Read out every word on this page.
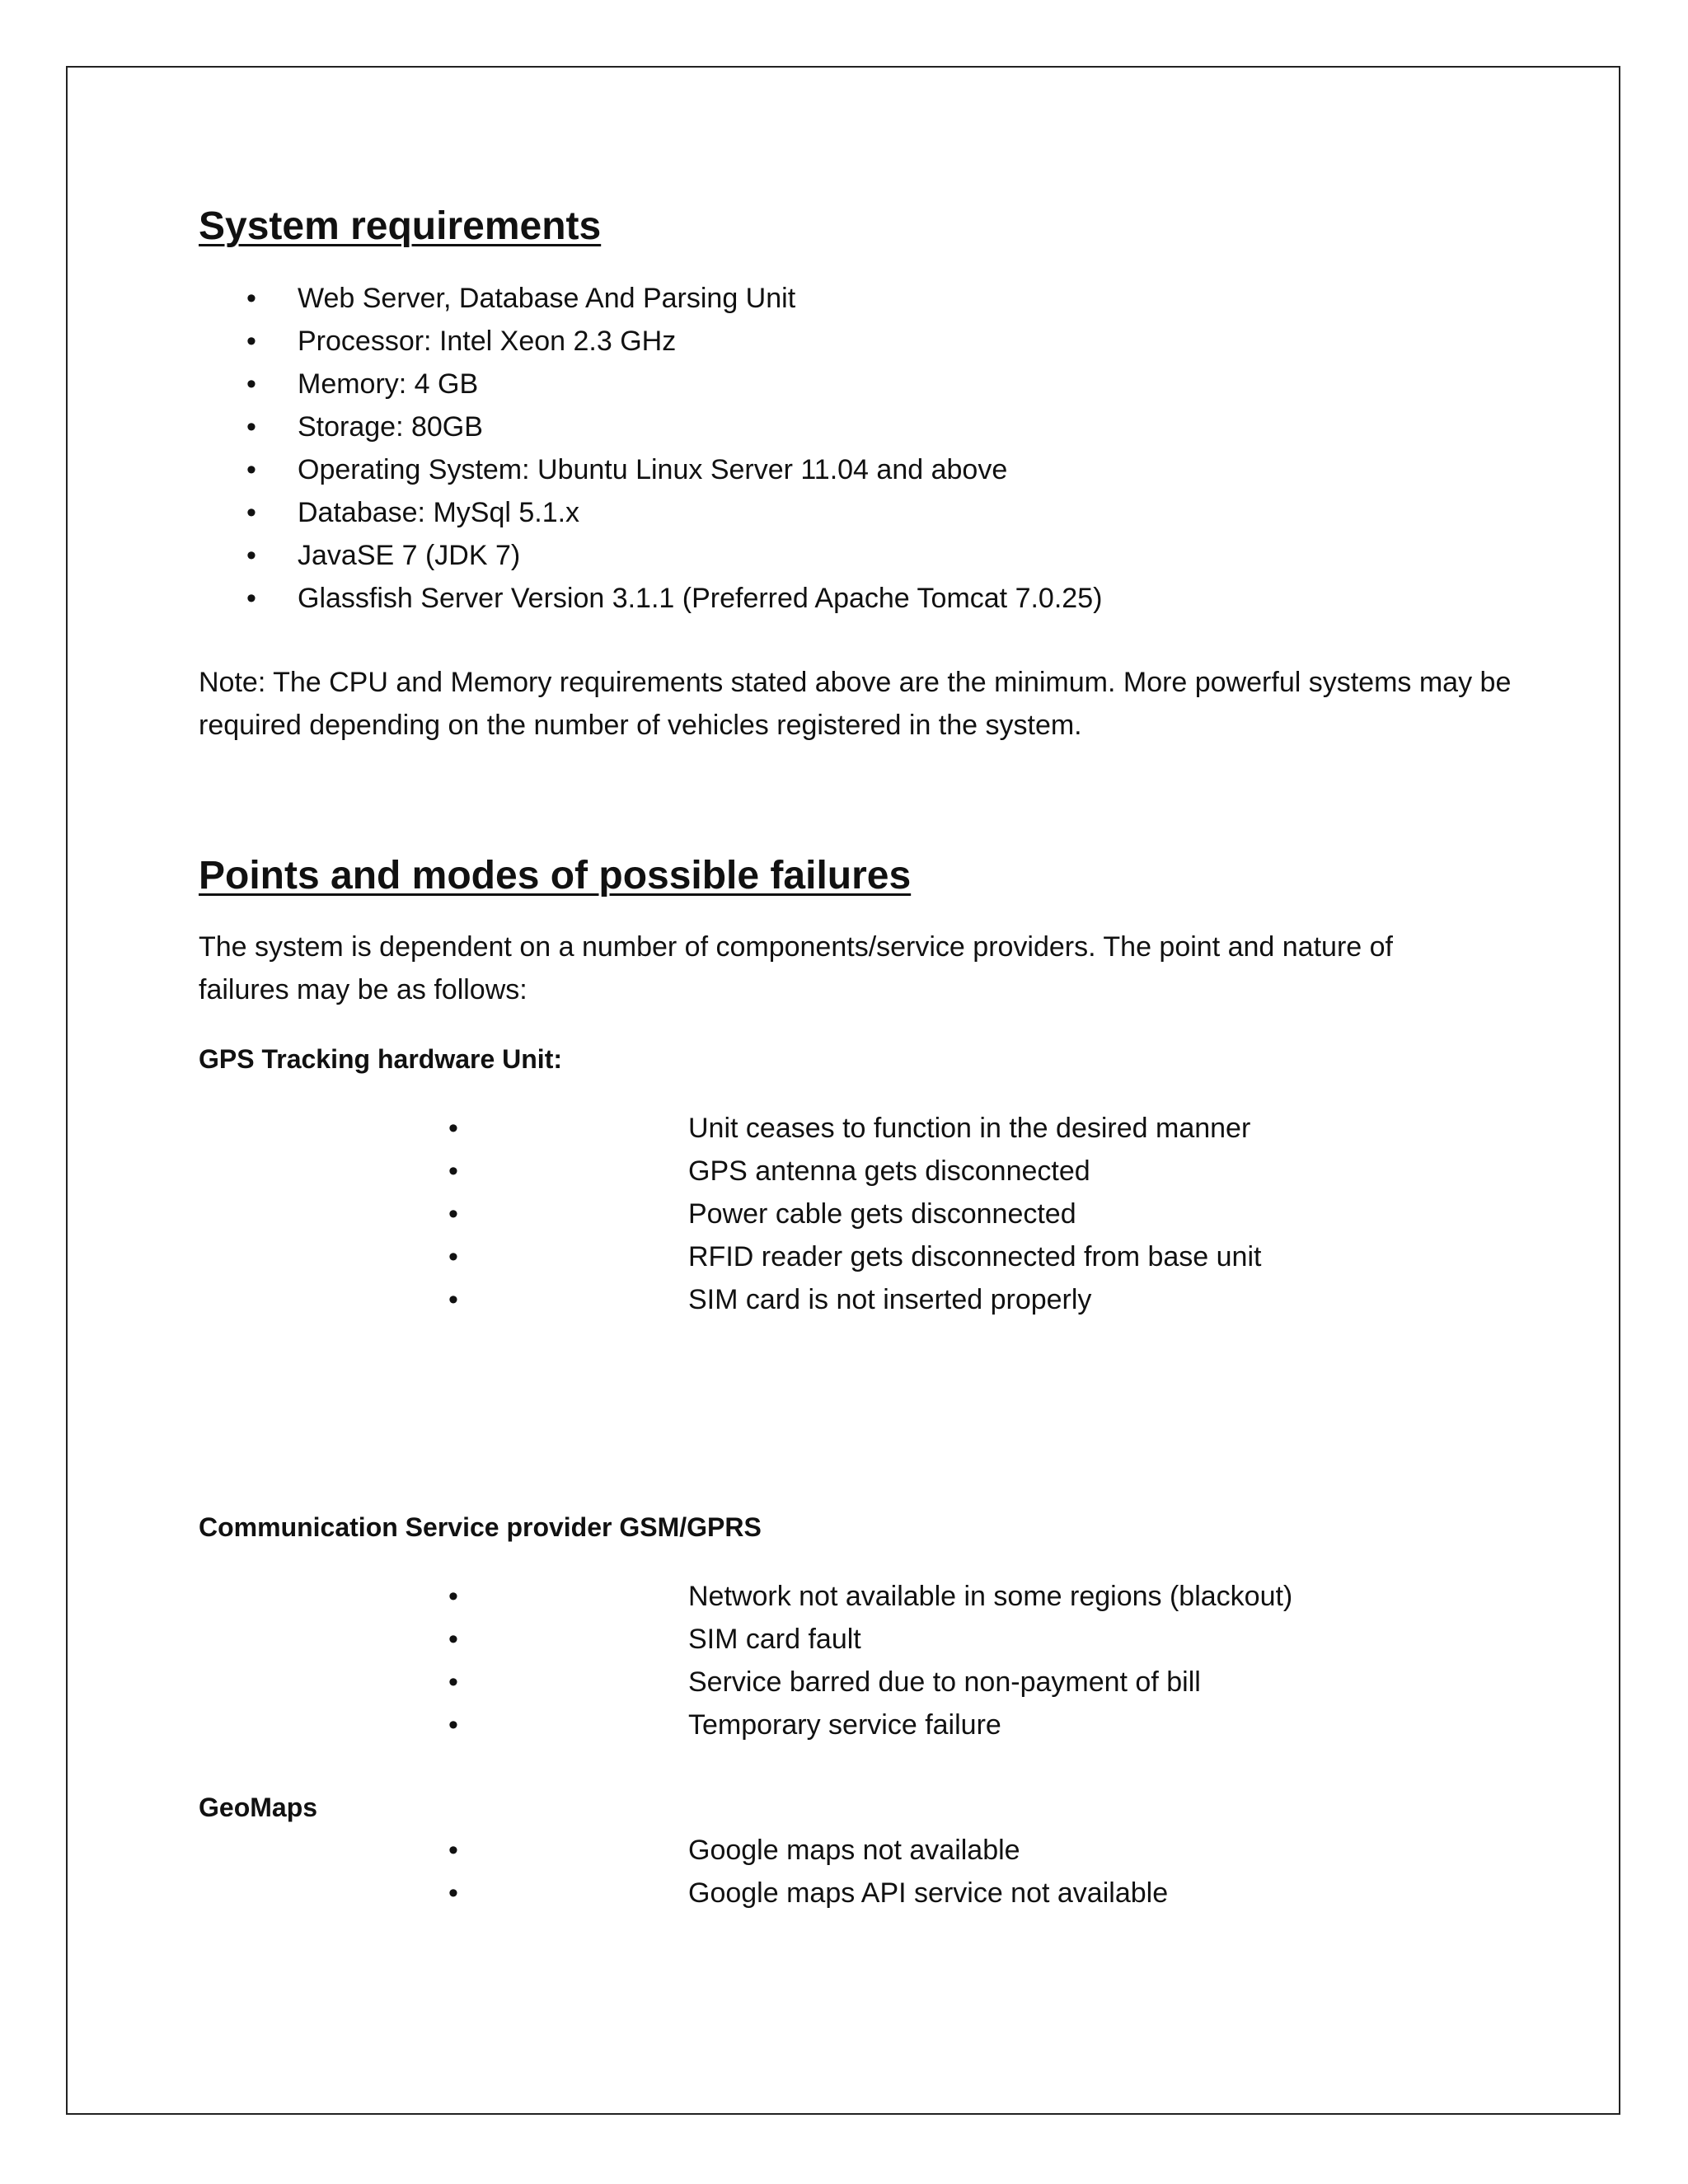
System requirements
• Web Server, Database And Parsing Unit
• Processor: Intel Xeon 2.3 GHz
• Memory: 4 GB
• Storage: 80GB
• Operating System: Ubuntu Linux Server 11.04 and above
• Database: MySql 5.1.x
• JavaSE 7 (JDK 7)
• Glassfish Server Version 3.1.1 (Preferred Apache Tomcat 7.0.25)

Note: The CPU and Memory requirements stated above are the minimum. More powerful systems may be required depending on the number of vehicles registered in the system.

Points and modes of possible failures

The system is dependent on a number of components/service providers. The point and nature of failures may be as follows:

GPS Tracking hardware Unit:
•	Unit ceases to function in the desired manner
•	GPS antenna gets disconnected
•	Power cable gets disconnected
•	RFID reader gets disconnected from base unit
•	SIM card is not inserted properly
Communication Service provider GSM/GPRS
•	Network not available in some regions (blackout)
•	SIM card fault
•	Service barred due to non-payment of bill
•	Temporary service failure
GeoMaps
•	Google maps not available
•	Google maps API service not available
